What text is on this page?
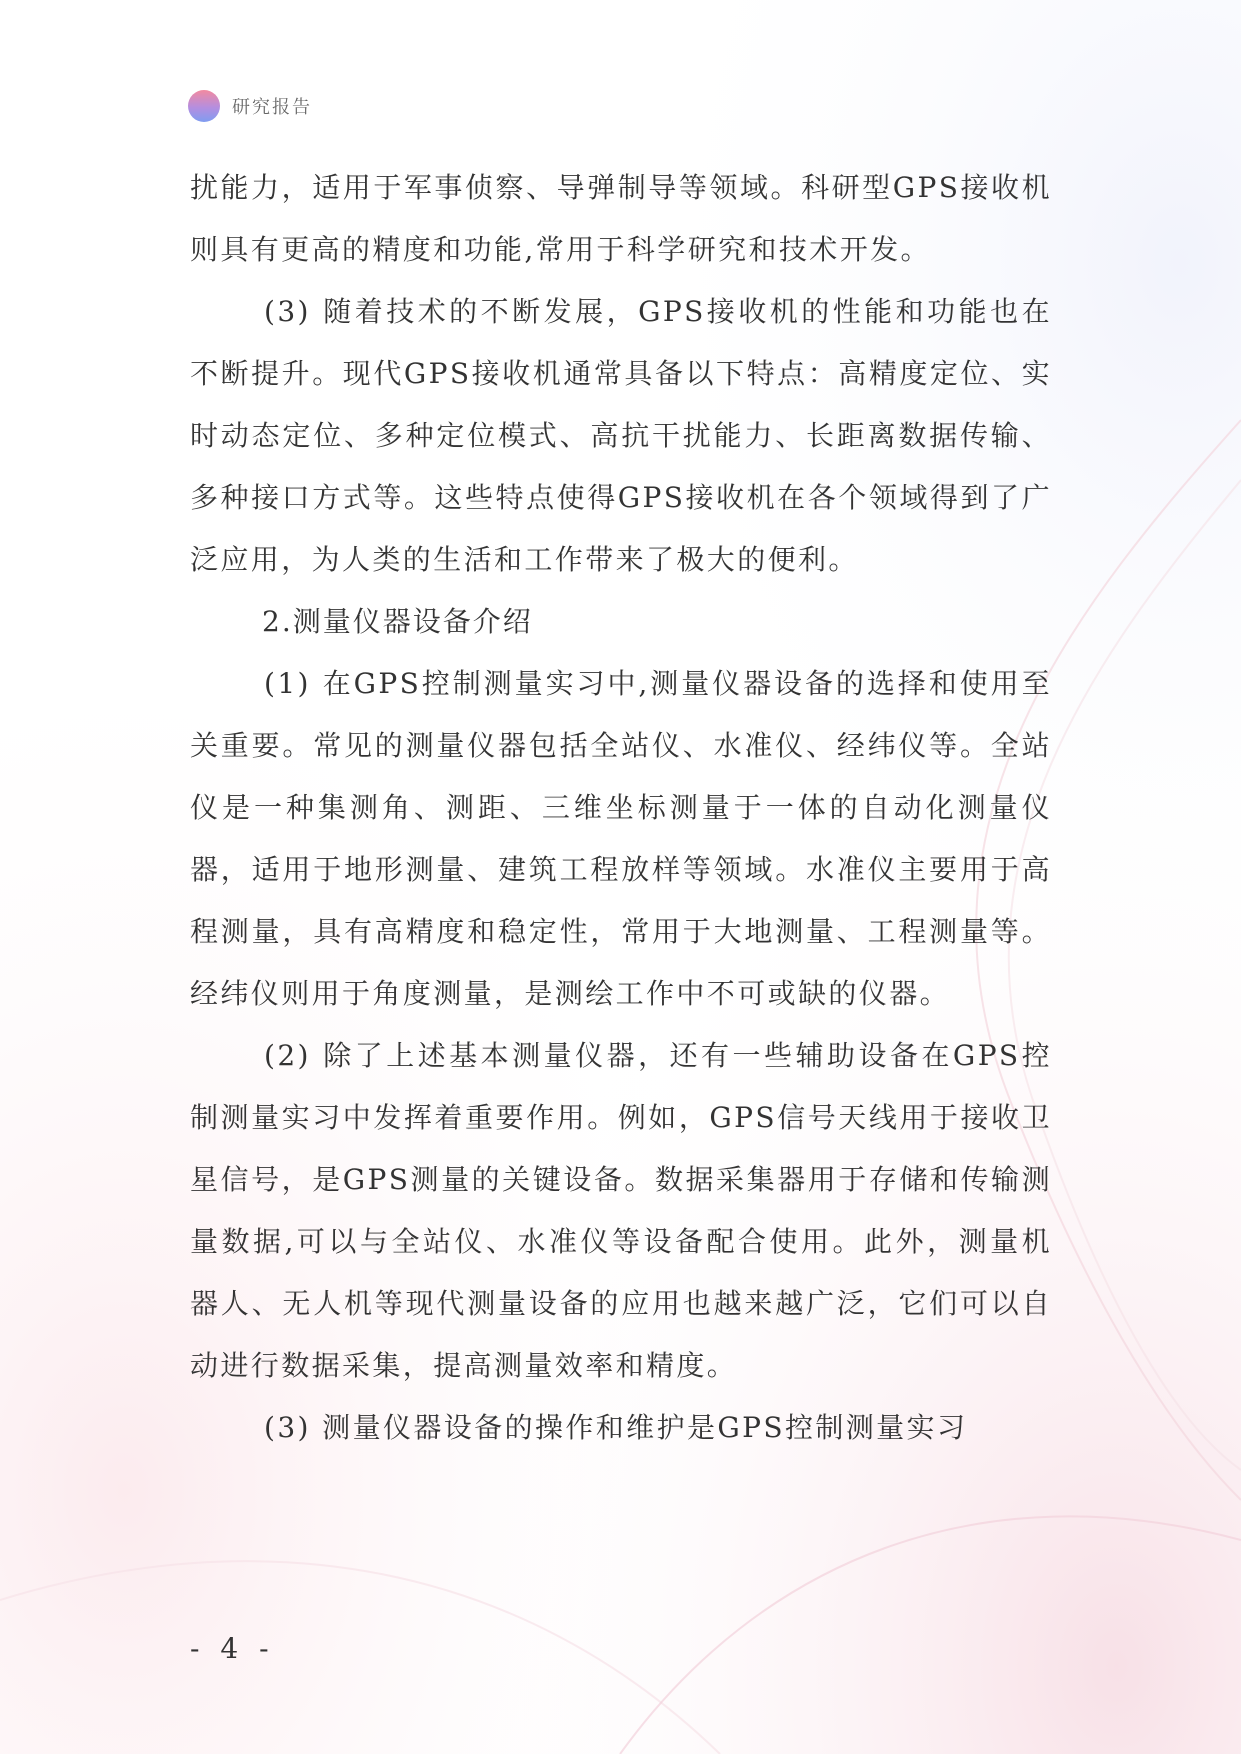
研究报告

扰能力，适用于军事侦察、导弹制导等领域。科研型GPS接收机则具有更高的精度和功能,常用于科学研究和技术开发。

(3) 随着技术的不断发展，GPS接收机的性能和功能也在不断提升。现代GPS接收机通常具备以下特点：高精度定位、实时动态定位、多种定位模式、高抗干扰能力、长距离数据传输、多种接口方式等。这些特点使得GPS接收机在各个领域得到了广泛应用，为人类的生活和工作带来了极大的便利。

2.测量仪器设备介绍

(1) 在GPS控制测量实习中,测量仪器设备的选择和使用至关重要。常见的测量仪器包括全站仪、水准仪、经纬仪等。全站仪是一种集测角、测距、三维坐标测量于一体的自动化测量仪器，适用于地形测量、建筑工程放样等领域。水准仪主要用于高程测量，具有高精度和稳定性，常用于大地测量、工程测量等。经纬仪则用于角度测量，是测绘工作中不可或缺的仪器。

(2) 除了上述基本测量仪器，还有一些辅助设备在GPS控制测量实习中发挥着重要作用。例如，GPS信号天线用于接收卫星信号，是GPS测量的关键设备。数据采集器用于存储和传输测量数据,可以与全站仪、水准仪等设备配合使用。此外，测量机器人、无人机等现代测量设备的应用也越来越广泛，它们可以自动进行数据采集，提高测量效率和精度。

(3) 测量仪器设备的操作和维护是GPS控制测量实习

- 4 -
